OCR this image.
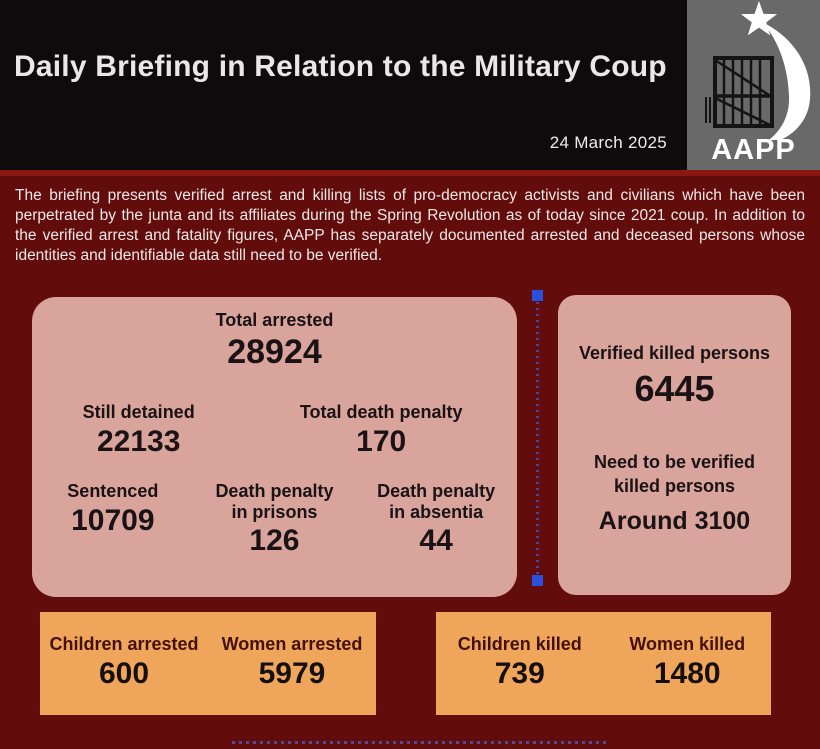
Daily Briefing in Relation to the Military Coup
24 March 2025	AAPP

The briefing presents verified arrest and killing lists of pro-democracy activists and civilians which have been perpetrated by the junta and its affiliates during the Spring Revolution as of today since 2021 coup. In addition to the verified arrest and fatality figures, AAPP has separately documented arrested and deceased persons whose identities and identifiable data still need to be verified.

Total arrested
28924
Still detained
22133
Total death penalty
170
Sentenced
10709
Death penalty in prisons
126
Death penalty in absentia
44
Verified killed persons
6445
Need to be verified killed persons
Around 3100
Children arrested
600
Women arrested
5979
Children killed
739
Women killed
1480
